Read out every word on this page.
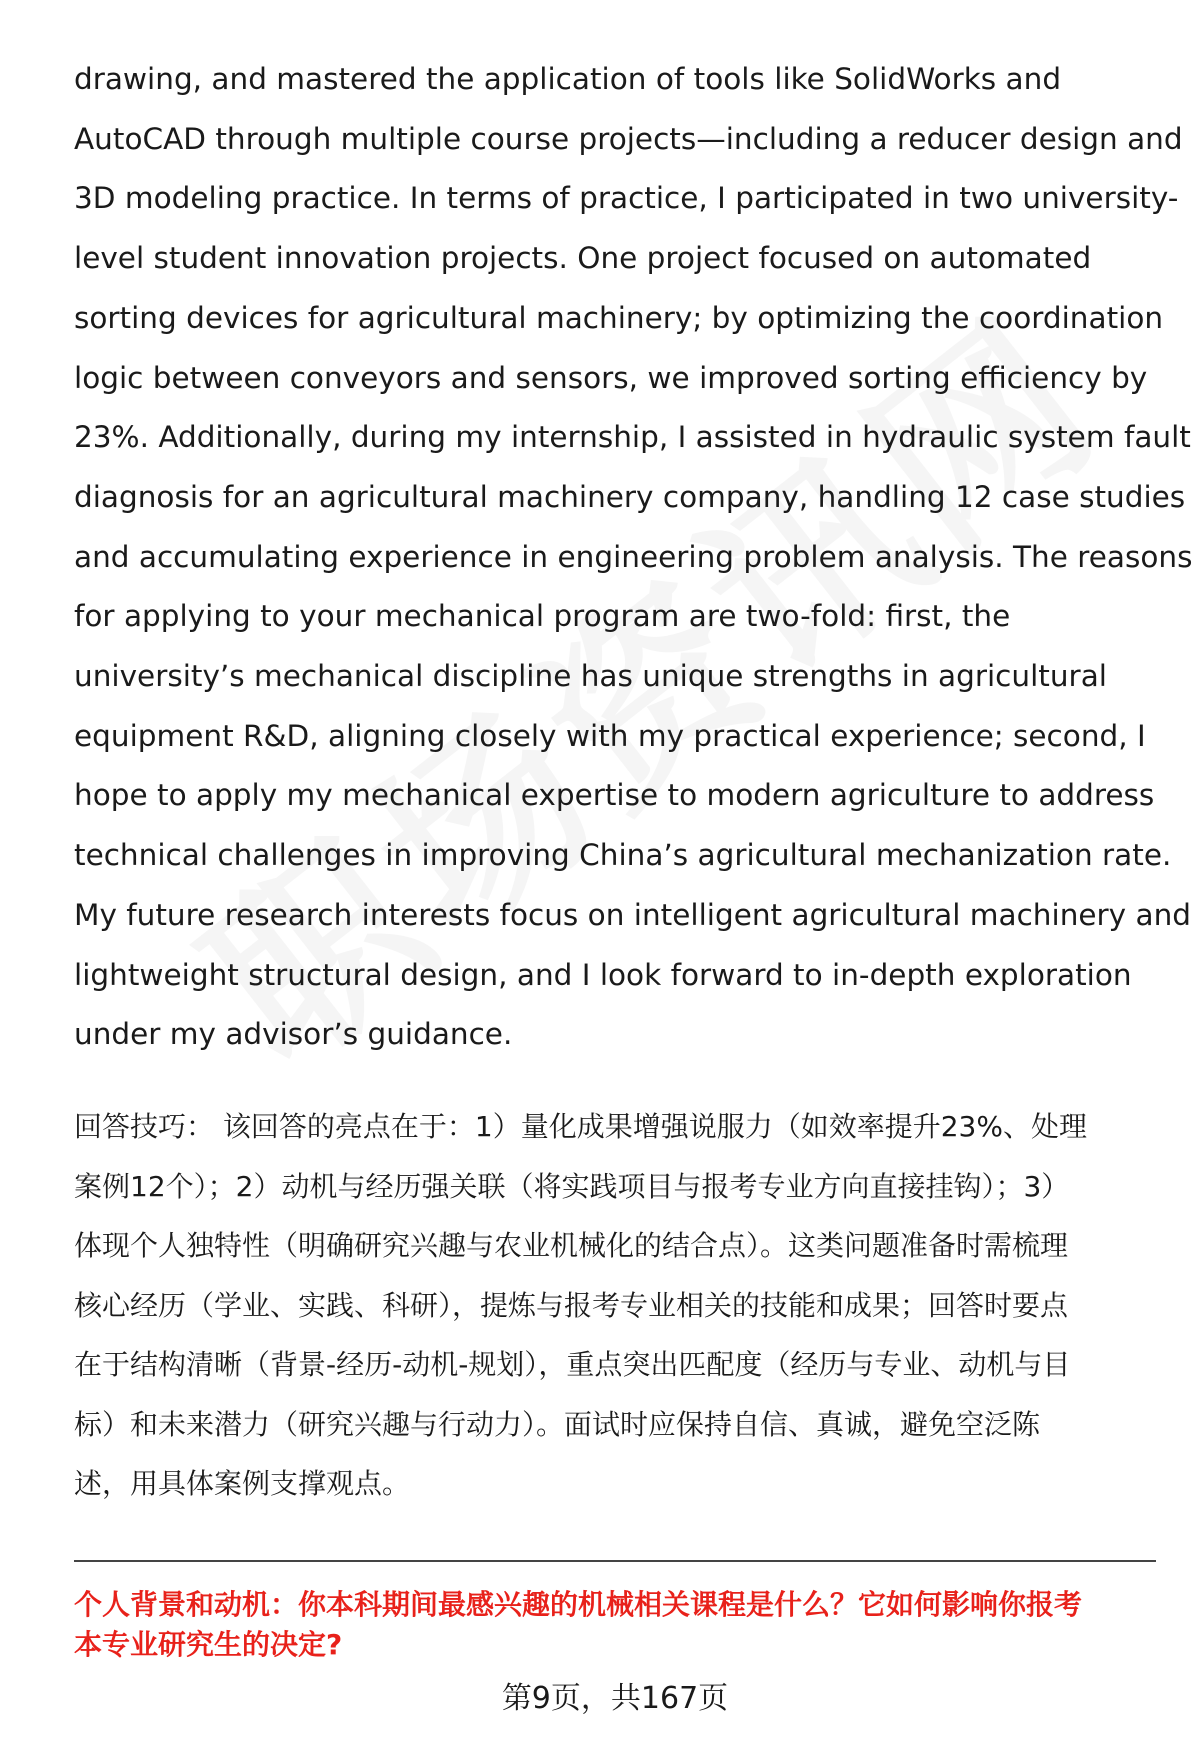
drawing, and mastered the application of tools like SolidWorks and
AutoCAD through multiple course projects—including a reducer design and
3D modeling practice. In terms of practice, I participated in two university-
level student innovation projects. One project focused on automated
sorting devices for agricultural machinery; by optimizing the coordination
logic between conveyors and sensors, we improved sorting efficiency by
23%. Additionally, during my internship, I assisted in hydraulic system fault
diagnosis for an agricultural machinery company, handling 12 case studies
and accumulating experience in engineering problem analysis. The reasons
for applying to your mechanical program are two-fold: first, the
university’s mechanical discipline has unique strengths in agricultural
equipment R&D, aligning closely with my practical experience; second, I
hope to apply my mechanical expertise to modern agriculture to address
technical challenges in improving China’s agricultural mechanization rate.
My future research interests focus on intelligent agricultural machinery and
lightweight structural design, and I look forward to in-depth exploration
under my advisor’s guidance.

回答技巧： 该回答的亮点在于：1）量化成果增强说服力（如效率提升23%、处理
案例12个）；2）动机与经历强关联（将实践项目与报考专业方向直接挂钩）；3）
体现个人独特性（明确研究兴趣与农业机械化的结合点）。这类问题准备时需梳理
核心经历（学业、实践、科研），提炼与报考专业相关的技能和成果；回答时要点
在于结构清晰（背景-经历-动机-规划），重点突出匹配度（经历与专业、动机与目
标）和未来潜力（研究兴趣与行动力）。面试时应保持自信、真诚，避免空泛陈
述，用具体案例支撑观点。

个人背景和动机：你本科期间最感兴趣的机械相关课程是什么？它如何影响你报考
本专业研究生的决定?

第9页，共167页
